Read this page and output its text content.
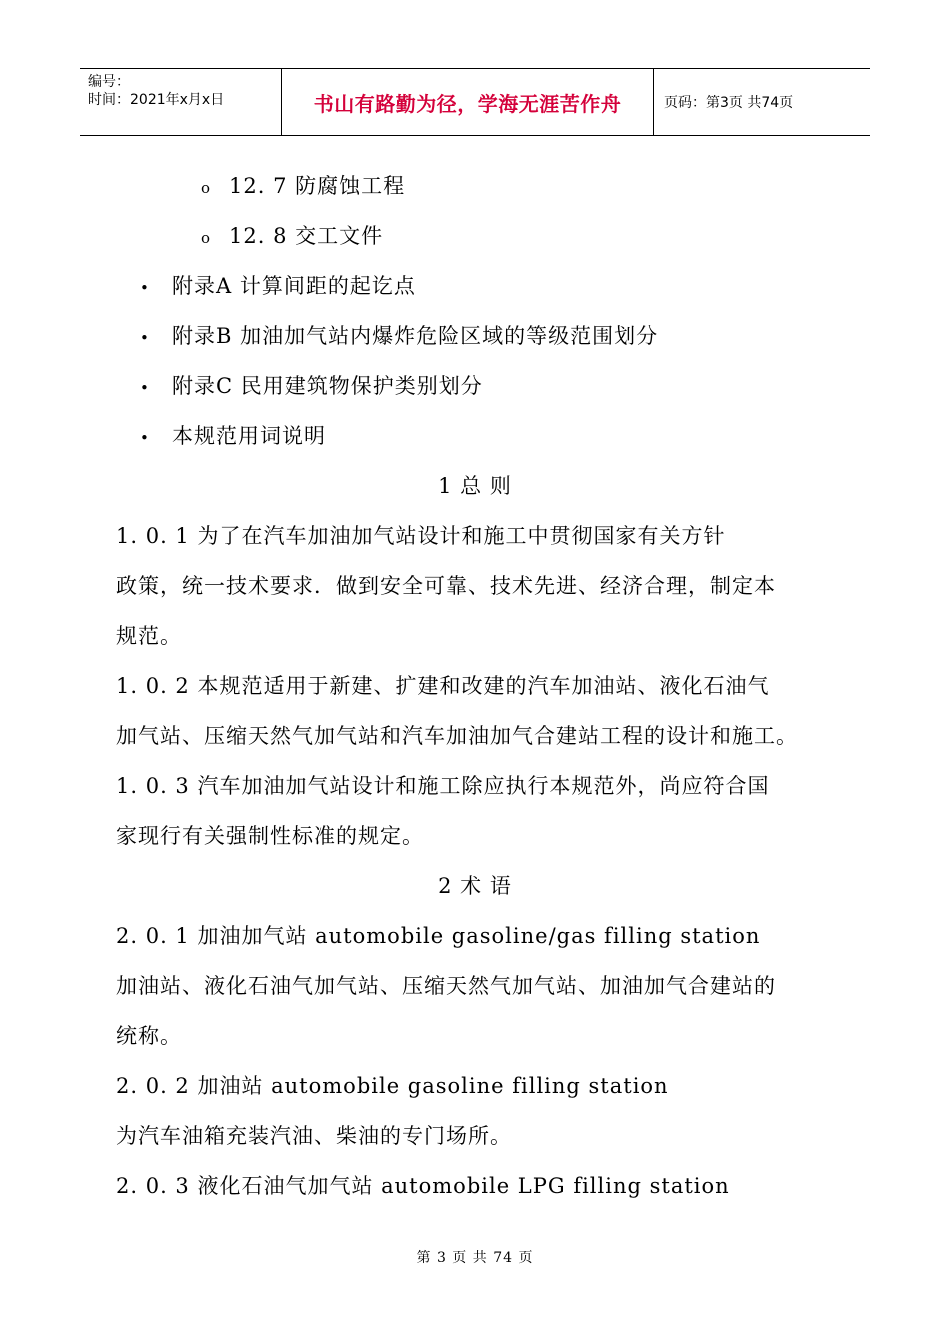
编号：
时间：2021年x月x日	书山有路勤为径，学海无涯苦作舟	页码：第3页 共74页
o 12. 7 防腐蚀工程
o 12. 8 交工文件
• 附录A 计算间距的起讫点
• 附录B 加油加气站内爆炸危险区域的等级范围划分
• 附录C 民用建筑物保护类别划分
• 本规范用词说明
1 总 则
1. 0. 1 为了在汽车加油加气站设计和施工中贯彻国家有关方针
政策，统一技术要求．做到安全可靠、技术先进、经济合理，制定本
规范。
1. 0. 2 本规范适用于新建、扩建和改建的汽车加油站、液化石油气
加气站、压缩天然气加气站和汽车加油加气合建站工程的设计和施工。
1. 0. 3 汽车加油加气站设计和施工除应执行本规范外，尚应符合国
家现行有关强制性标准的规定。
2 术 语
2. 0. 1 加油加气站 automobile gasoline/gas filling station
加油站、液化石油气加气站、压缩天然气加气站、加油加气合建站的
统称。
2. 0. 2 加油站 automobile gasoline filling station
为汽车油箱充装汽油、柴油的专门场所。
2. 0. 3 液化石油气加气站 automobile LPG filling station
第 3 页 共 74 页
